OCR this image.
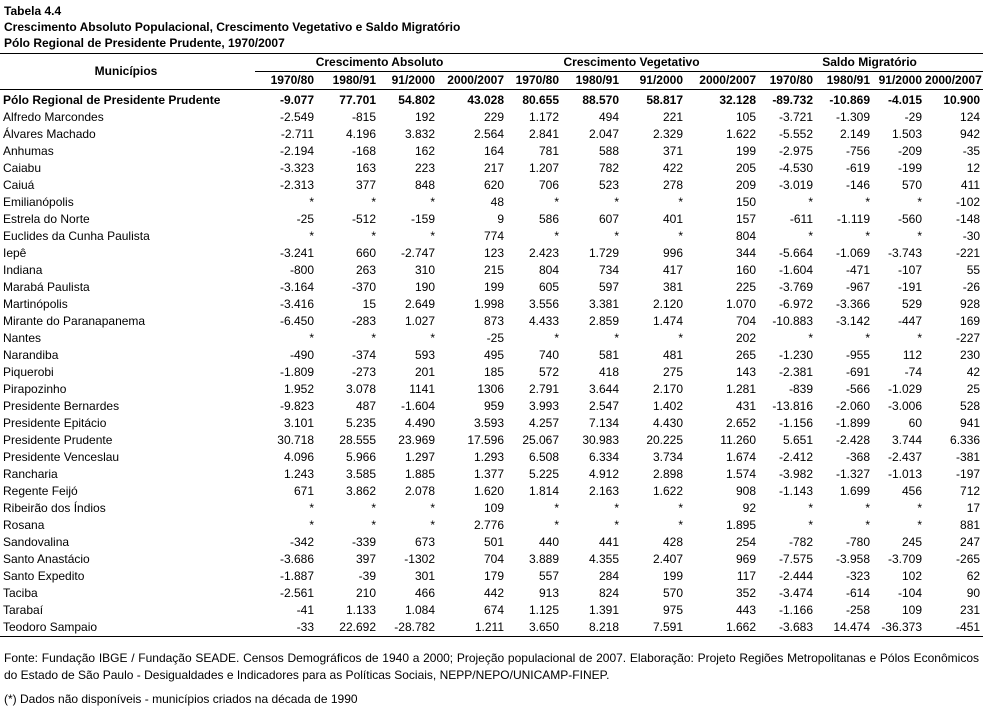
Tabela 4.4
Crescimento Absoluto Populacional, Crescimento Vegetativo e Saldo Migratório
Pólo Regional de Presidente Prudente, 1970/2007
Municípios	Crescimento Absoluto				Crescimento Vegetativo				Saldo Migratório			
	1970/80	1980/91	91/2000	2000/2007	1970/80	1980/91	91/2000	2000/2007	1970/80	1980/91	91/2000	2000/2007
Pólo Regional de Presidente Prudente	-9.077	77.701	54.802	43.028	80.655	88.570	58.817	32.128	-89.732	-10.869	-4.015	10.900
Alfredo Marcondes	-2.549	-815	192	229	1.172	494	221	105	-3.721	-1.309	-29	124
Álvares Machado	-2.711	4.196	3.832	2.564	2.841	2.047	2.329	1.622	-5.552	2.149	1.503	942
Anhumas	-2.194	-168	162	164	781	588	371	199	-2.975	-756	-209	-35
Caiabu	-3.323	163	223	217	1.207	782	422	205	-4.530	-619	-199	12
Caiuá	-2.313	377	848	620	706	523	278	209	-3.019	-146	570	411
Emilianópolis	*	*	*	48	*	*	*	150	*	*	*	-102
Estrela do Norte	-25	-512	-159	9	586	607	401	157	-611	-1.119	-560	-148
Euclides da Cunha Paulista	*	*	*	774	*	*	*	804	*	*	*	-30
Iepê	-3.241	660	-2.747	123	2.423	1.729	996	344	-5.664	-1.069	-3.743	-221
Indiana	-800	263	310	215	804	734	417	160	-1.604	-471	-107	55
Marabá Paulista	-3.164	-370	190	199	605	597	381	225	-3.769	-967	-191	-26
Martinópolis	-3.416	15	2.649	1.998	3.556	3.381	2.120	1.070	-6.972	-3.366	529	928
Mirante do Paranapanema	-6.450	-283	1.027	873	4.433	2.859	1.474	704	-10.883	-3.142	-447	169
Nantes	*	*	*	-25	*	*	*	202	*	*	*	-227
Narandiba	-490	-374	593	495	740	581	481	265	-1.230	-955	112	230
Piquerobi	-1.809	-273	201	185	572	418	275	143	-2.381	-691	-74	42
Pirapozinho	1.952	3.078	1141	1306	2.791	3.644	2.170	1.281	-839	-566	-1.029	25
Presidente Bernardes	-9.823	487	-1.604	959	3.993	2.547	1.402	431	-13.816	-2.060	-3.006	528
Presidente Epitácio	3.101	5.235	4.490	3.593	4.257	7.134	4.430	2.652	-1.156	-1.899	60	941
Presidente Prudente	30.718	28.555	23.969	17.596	25.067	30.983	20.225	11.260	5.651	-2.428	3.744	6.336
Presidente Venceslau	4.096	5.966	1.297	1.293	6.508	6.334	3.734	1.674	-2.412	-368	-2.437	-381
Rancharia	1.243	3.585	1.885	1.377	5.225	4.912	2.898	1.574	-3.982	-1.327	-1.013	-197
Regente Feijó	671	3.862	2.078	1.620	1.814	2.163	1.622	908	-1.143	1.699	456	712
Ribeirão dos Índios	*	*	*	109	*	*	*	92	*	*	*	17
Rosana	*	*	*	2.776	*	*	*	1.895	*	*	*	881
Sandovalina	-342	-339	673	501	440	441	428	254	-782	-780	245	247
Santo Anastácio	-3.686	397	-1302	704	3.889	4.355	2.407	969	-7.575	-3.958	-3.709	-265
Santo Expedito	-1.887	-39	301	179	557	284	199	117	-2.444	-323	102	62
Taciba	-2.561	210	466	442	913	824	570	352	-3.474	-614	-104	90
Tarabaí	-41	1.133	1.084	674	1.125	1.391	975	443	-1.166	-258	109	231
Teodoro Sampaio	-33	22.692	-28.782	1.211	3.650	8.218	7.591	1.662	-3.683	14.474	-36.373	-451
Fonte: Fundação IBGE / Fundação SEADE. Censos Demográficos de 1940 a 2000; Projeção populacional de 2007. Elaboração: Projeto Regiões Metropolitanas e Pólos Econômicos do Estado de São Paulo - Desigualdades e Indicadores para as Políticas Sociais, NEPP/NEPO/UNICAMP-FINEP.
(*) Dados não disponíveis - municípios criados na década de 1990
